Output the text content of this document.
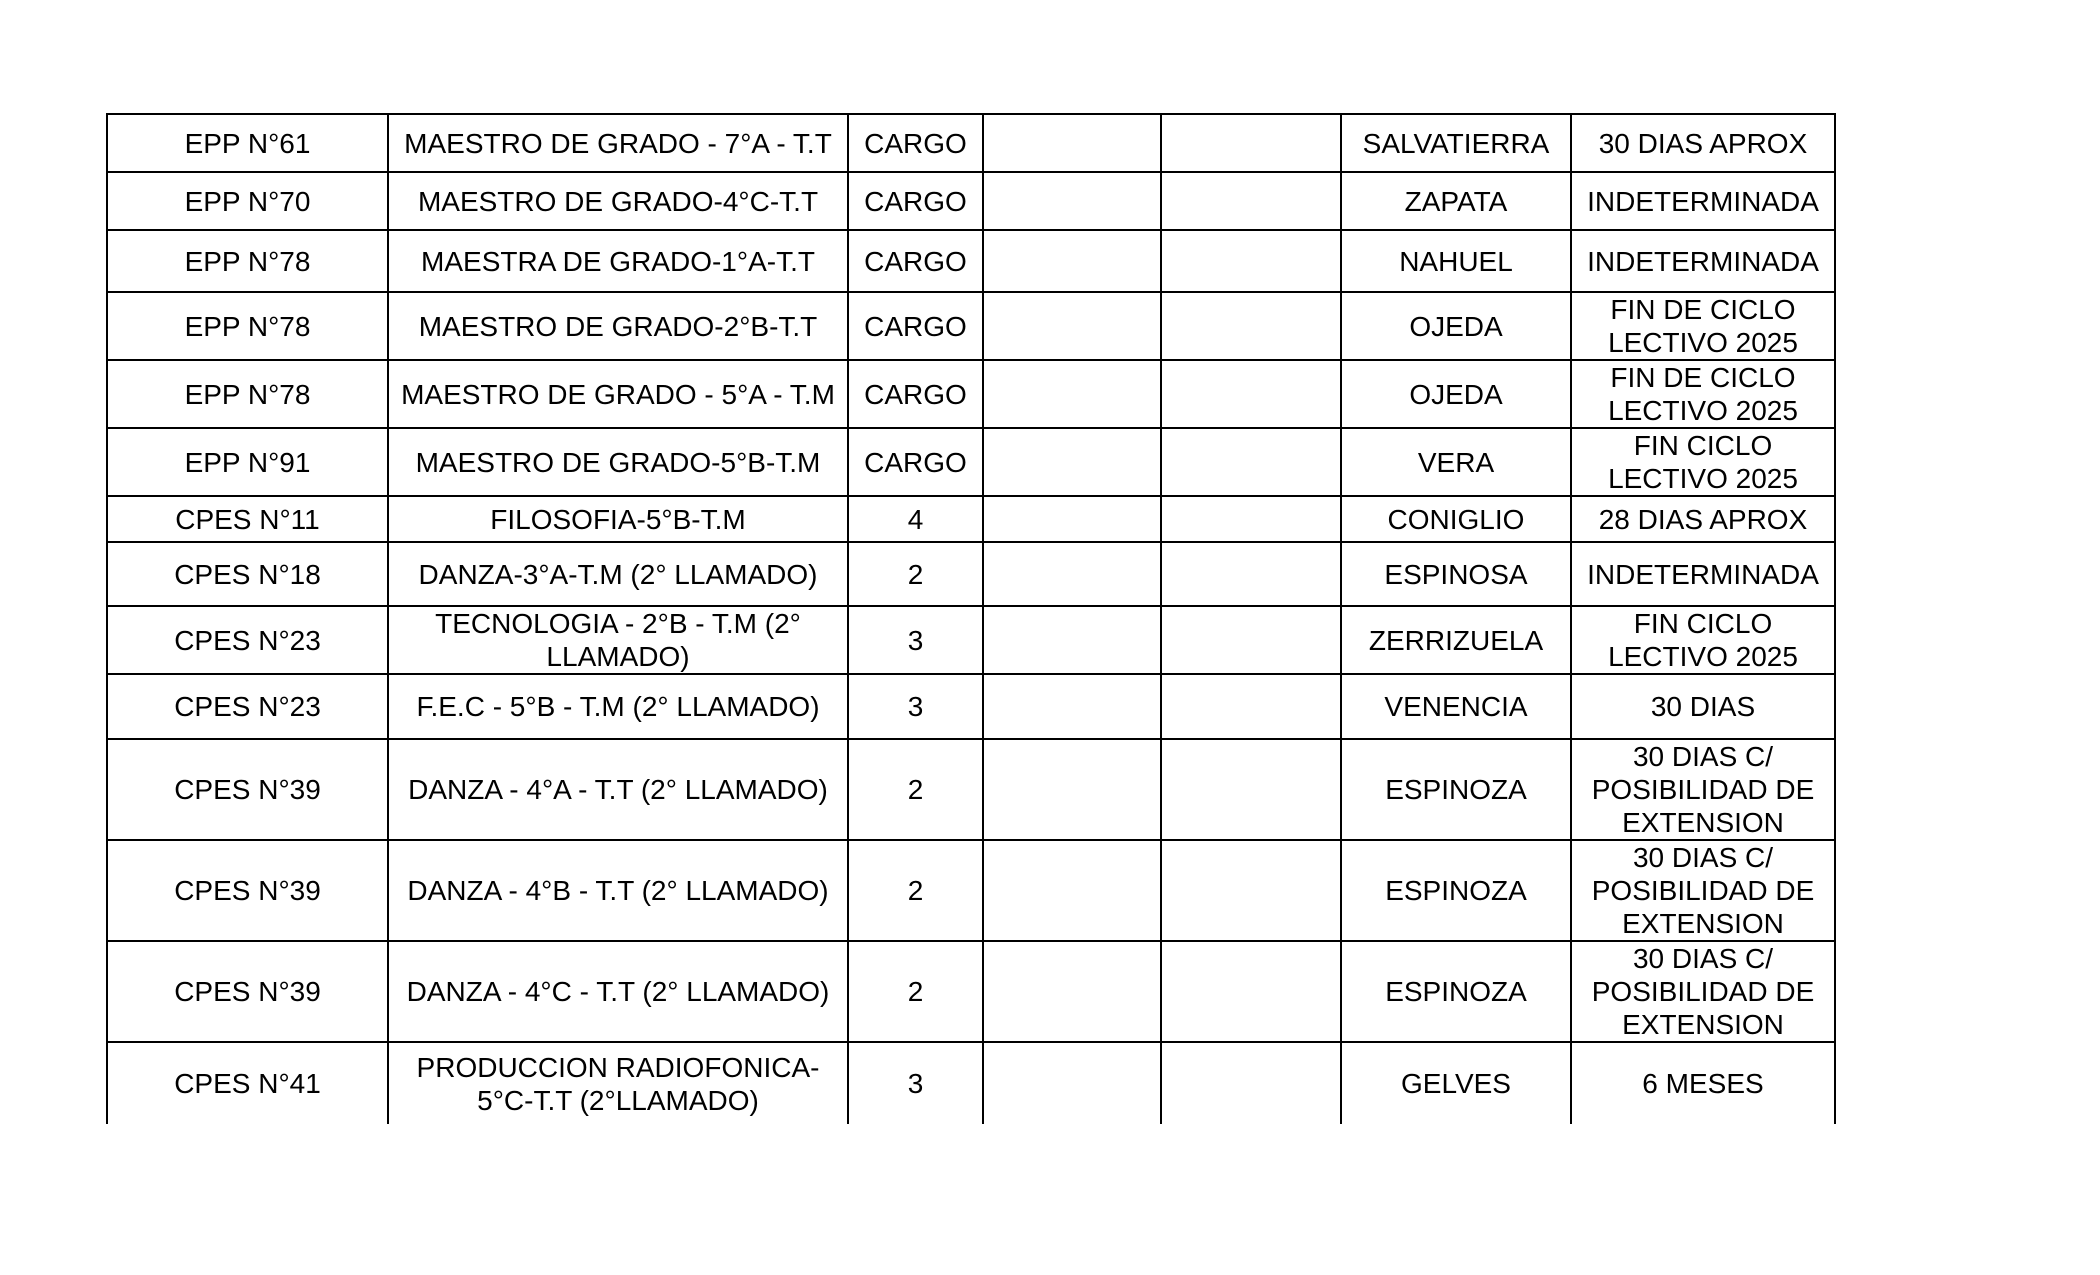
EPP N°61	MAESTRO DE GRADO - 7°A - T.T	CARGO			SALVATIERRA	30 DIAS APROX
EPP N°70	MAESTRO DE GRADO-4°C-T.T	CARGO			ZAPATA	INDETERMINADA
EPP N°78	MAESTRA DE GRADO-1°A-T.T	CARGO			NAHUEL	INDETERMINADA
EPP N°78	MAESTRO DE GRADO-2°B-T.T	CARGO			OJEDA	FIN DE CICLO LECTIVO 2025
EPP N°78	MAESTRO DE GRADO - 5°A - T.M	CARGO			OJEDA	FIN DE CICLO LECTIVO 2025
EPP N°91	MAESTRO DE GRADO-5°B-T.M	CARGO			VERA	FIN CICLO LECTIVO 2025
CPES N°11	FILOSOFIA-5°B-T.M	4			CONIGLIO	28 DIAS APROX
CPES N°18	DANZA-3°A-T.M (2° LLAMADO)	2			ESPINOSA	INDETERMINADA
CPES N°23	TECNOLOGIA - 2°B - T.M (2° LLAMADO)	3			ZERRIZUELA	FIN CICLO LECTIVO 2025
CPES N°23	F.E.C - 5°B - T.M (2° LLAMADO)	3			VENENCIA	30 DIAS
CPES N°39	DANZA - 4°A - T.T (2° LLAMADO)	2			ESPINOZA	30 DIAS C/ POSIBILIDAD DE EXTENSION
CPES N°39	DANZA - 4°B - T.T (2° LLAMADO)	2			ESPINOZA	30 DIAS C/ POSIBILIDAD DE EXTENSION
CPES N°39	DANZA - 4°C - T.T (2° LLAMADO)	2			ESPINOZA	30 DIAS C/ POSIBILIDAD DE EXTENSION
CPES N°41	PRODUCCION RADIOFONICA-5°C-T.T (2°LLAMADO)	3			GELVES	6 MESES
